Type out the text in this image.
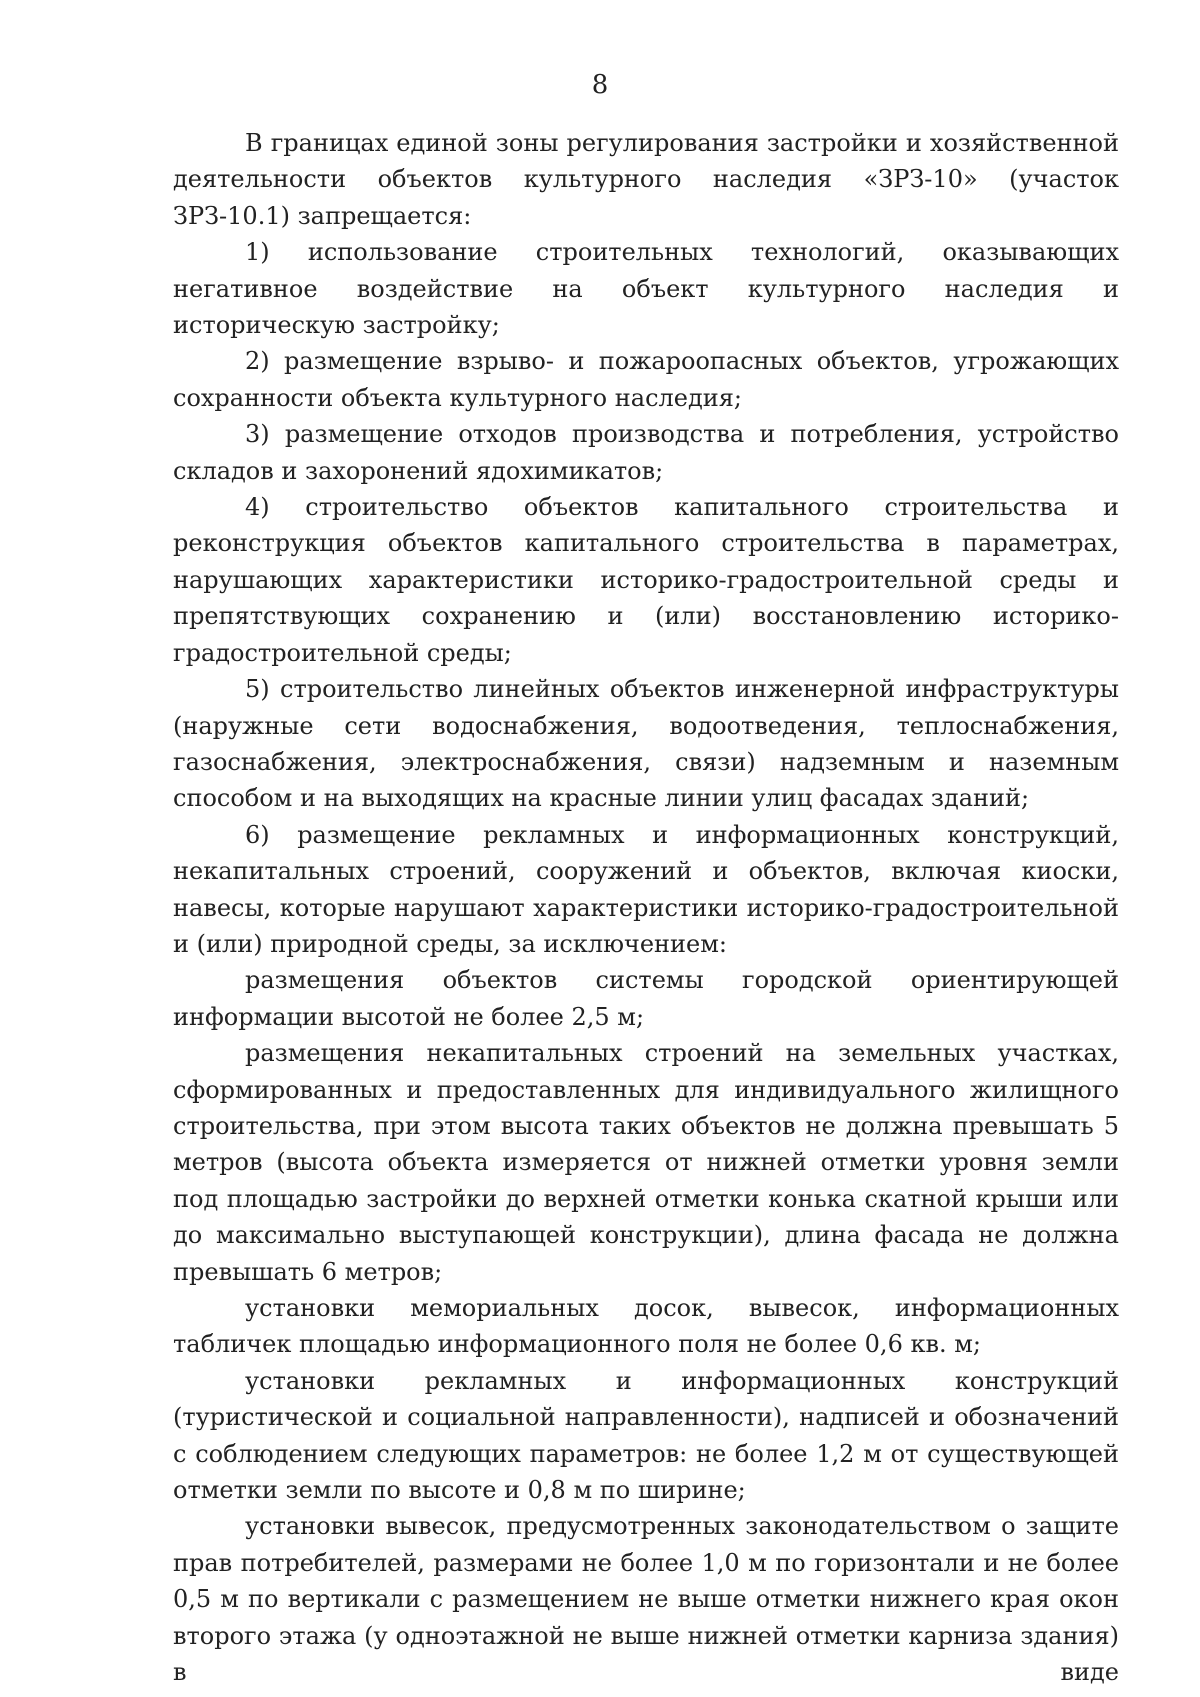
8

В границах единой зоны регулирования застройки и хозяйственной деятельности объектов культурного наследия «ЗРЗ-10» (участок ЗРЗ-10.1) запрещается:

1) использование строительных технологий, оказывающих негативное воздействие на объект культурного наследия и историческую застройку;

2) размещение взрыво- и пожароопасных объектов, угрожающих сохранности объекта культурного наследия;

3) размещение отходов производства и потребления, устройство складов и захоронений ядохимикатов;

4) строительство объектов капитального строительства и реконструкция объектов капитального строительства в параметрах, нарушающих характеристики историко-градостроительной среды и препятствующих сохранению и (или) восстановлению историко-градостроительной среды;

5) строительство линейных объектов инженерной инфраструктуры (наружные сети водоснабжения, водоотведения, теплоснабжения, газоснабжения, электроснабжения, связи) надземным и наземным способом и на выходящих на красные линии улиц фасадах зданий;

6) размещение рекламных и информационных конструкций, некапитальных строений, сооружений и объектов, включая киоски, навесы, которые нарушают характеристики историко-градостроительной и (или) природной среды, за исключением:

размещения объектов системы городской ориентирующей информации высотой не более 2,5 м;

размещения некапитальных строений на земельных участках, сформированных и предоставленных для индивидуального жилищного строительства, при этом высота таких объектов не должна превышать 5 метров (высота объекта измеряется от нижней отметки уровня земли под площадью застройки до верхней отметки конька скатной крыши или до максимально выступающей конструкции), длина фасада не должна превышать 6 метров;

установки мемориальных досок, вывесок, информационных табличек площадью информационного поля не более 0,6 кв. м;

установки рекламных и информационных конструкций (туристической и социальной направленности), надписей и обозначений с соблюдением следующих параметров: не более 1,2 м от существующей отметки земли по высоте и 0,8 м по ширине;

установки вывесок, предусмотренных законодательством о защите прав потребителей, размерами не более 1,0 м по горизонтали и не более 0,5 м по вертикали с размещением не выше отметки нижнего края окон второго этажа (у одноэтажной не выше нижней отметки карниза здания) в виде
